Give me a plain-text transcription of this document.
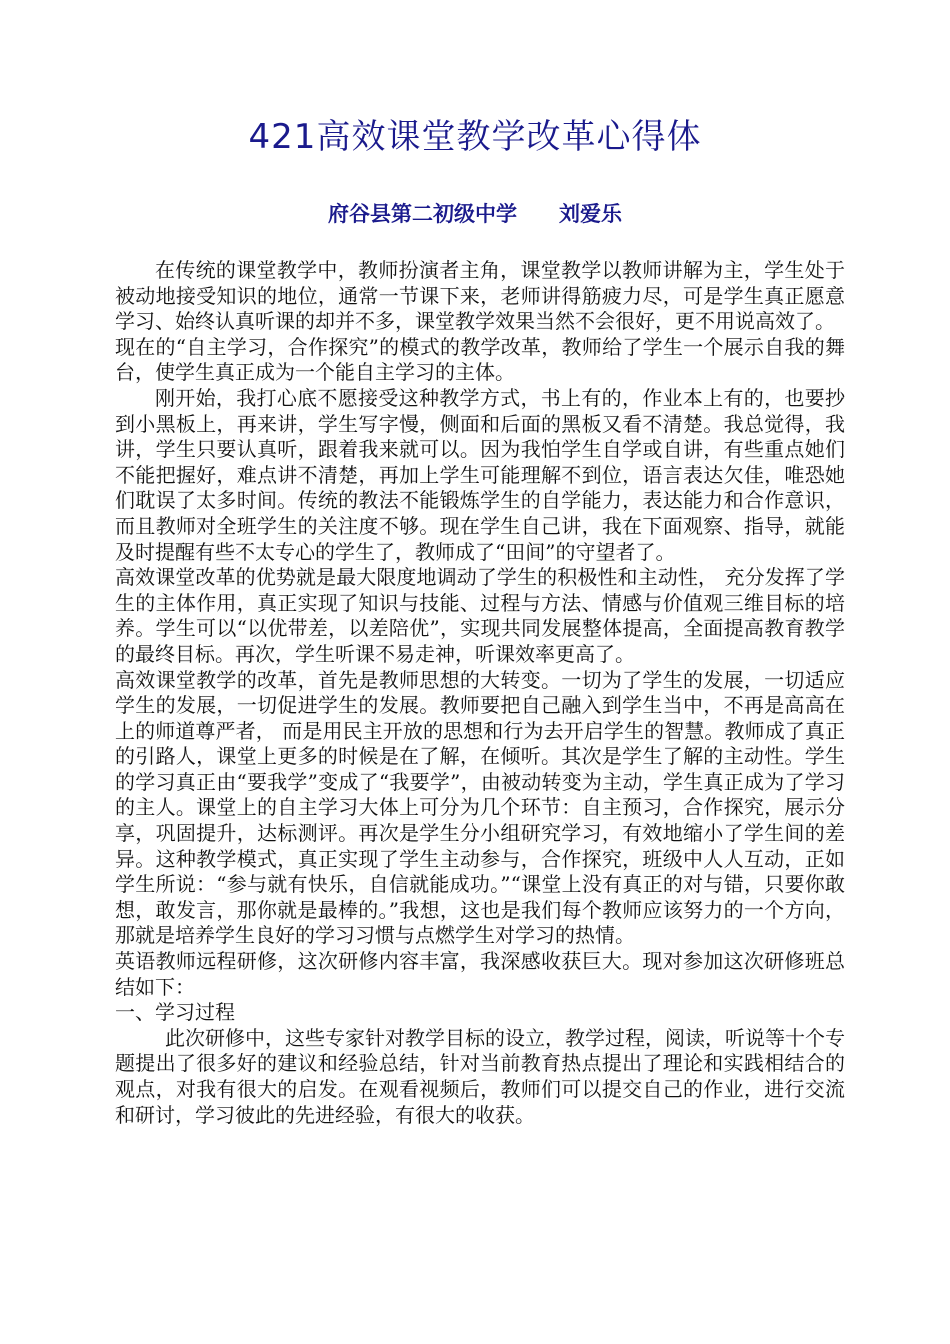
421高效课堂教学改革心得体
府谷县第二初级中学　　刘爱乐

在传统的课堂教学中，教师扮演者主角，课堂教学以教师讲解为主，学生处于被动地接受知识的地位，通常一节课下来，老师讲得筋疲力尽，可是学生真正愿意学习、始终认真听课的却并不多，课堂教学效果当然不会很好，更不用说高效了。

现在的“自主学习，合作探究”的模式的教学改革，教师给了学生一个展示自我的舞台，使学生真正成为一个能自主学习的主体。

刚开始，我打心底不愿接受这种教学方式，书上有的，作业本上有的，也要抄到小黑板上，再来讲，学生写字慢，侧面和后面的黑板又看不清楚。我总觉得，我讲，学生只要认真听，跟着我来就可以。因为我怕学生自学或自讲，有些重点她们不能把握好，难点讲不清楚，再加上学生可能理解不到位，语言表达欠佳，唯恐她们耽误了太多时间。传统的教法不能锻炼学生的自学能力，表达能力和合作意识，而且教师对全班学生的关注度不够。现在学生自己讲，我在下面观察、指导，就能及时提醒有些不太专心的学生了，教师成了“田间”的守望者了。

高效课堂改革的优势就是最大限度地调动了学生的积极性和主动性， 充分发挥了学生的主体作用，真正实现了知识与技能、过程与方法、情感与价值观三维目标的培养。学生可以“以优带差，以差陪优”，实现共同发展整体提高，全面提高教育教学的最终目标。再次，学生听课不易走神，听课效率更高了。

高效课堂教学的改革，首先是教师思想的大转变。一切为了学生的发展，一切适应学生的发展，一切促进学生的发展。教师要把自己融入到学生当中，不再是高高在上的师道尊严者， 而是用民主开放的思想和行为去开启学生的智慧。教师成了真正的引路人，课堂上更多的时候是在了解，在倾听。其次是学生了解的主动性。学生的学习真正由“要我学”变成了“我要学”，由被动转变为主动，学生真正成为了学习的主人。课堂上的自主学习大体上可分为几个环节：自主预习，合作探究，展示分享，巩固提升，达标测评。再次是学生分小组研究学习，有效地缩小了学生间的差异。这种教学模式，真正实现了学生主动参与，合作探究，班级中人人互动，正如学生所说：“参与就有快乐，自信就能成功。”“课堂上没有真正的对与错，只要你敢想，敢发言，那你就是最棒的。”我想，这也是我们每个教师应该努力的一个方向，那就是培养学生良好的学习习惯与点燃学生对学习的热情。

英语教师远程研修，这次研修内容丰富，我深感收获巨大。现对参加这次研修班总结如下：

一、学习过程

此次研修中，这些专家针对教学目标的设立，教学过程，阅读，听说等十个专题提出了很多好的建议和经验总结，针对当前教育热点提出了理论和实践相结合的观点，对我有很大的启发。在观看视频后，教师们可以提交自己的作业，进行交流和研讨，学习彼此的先进经验，有很大的收获。
